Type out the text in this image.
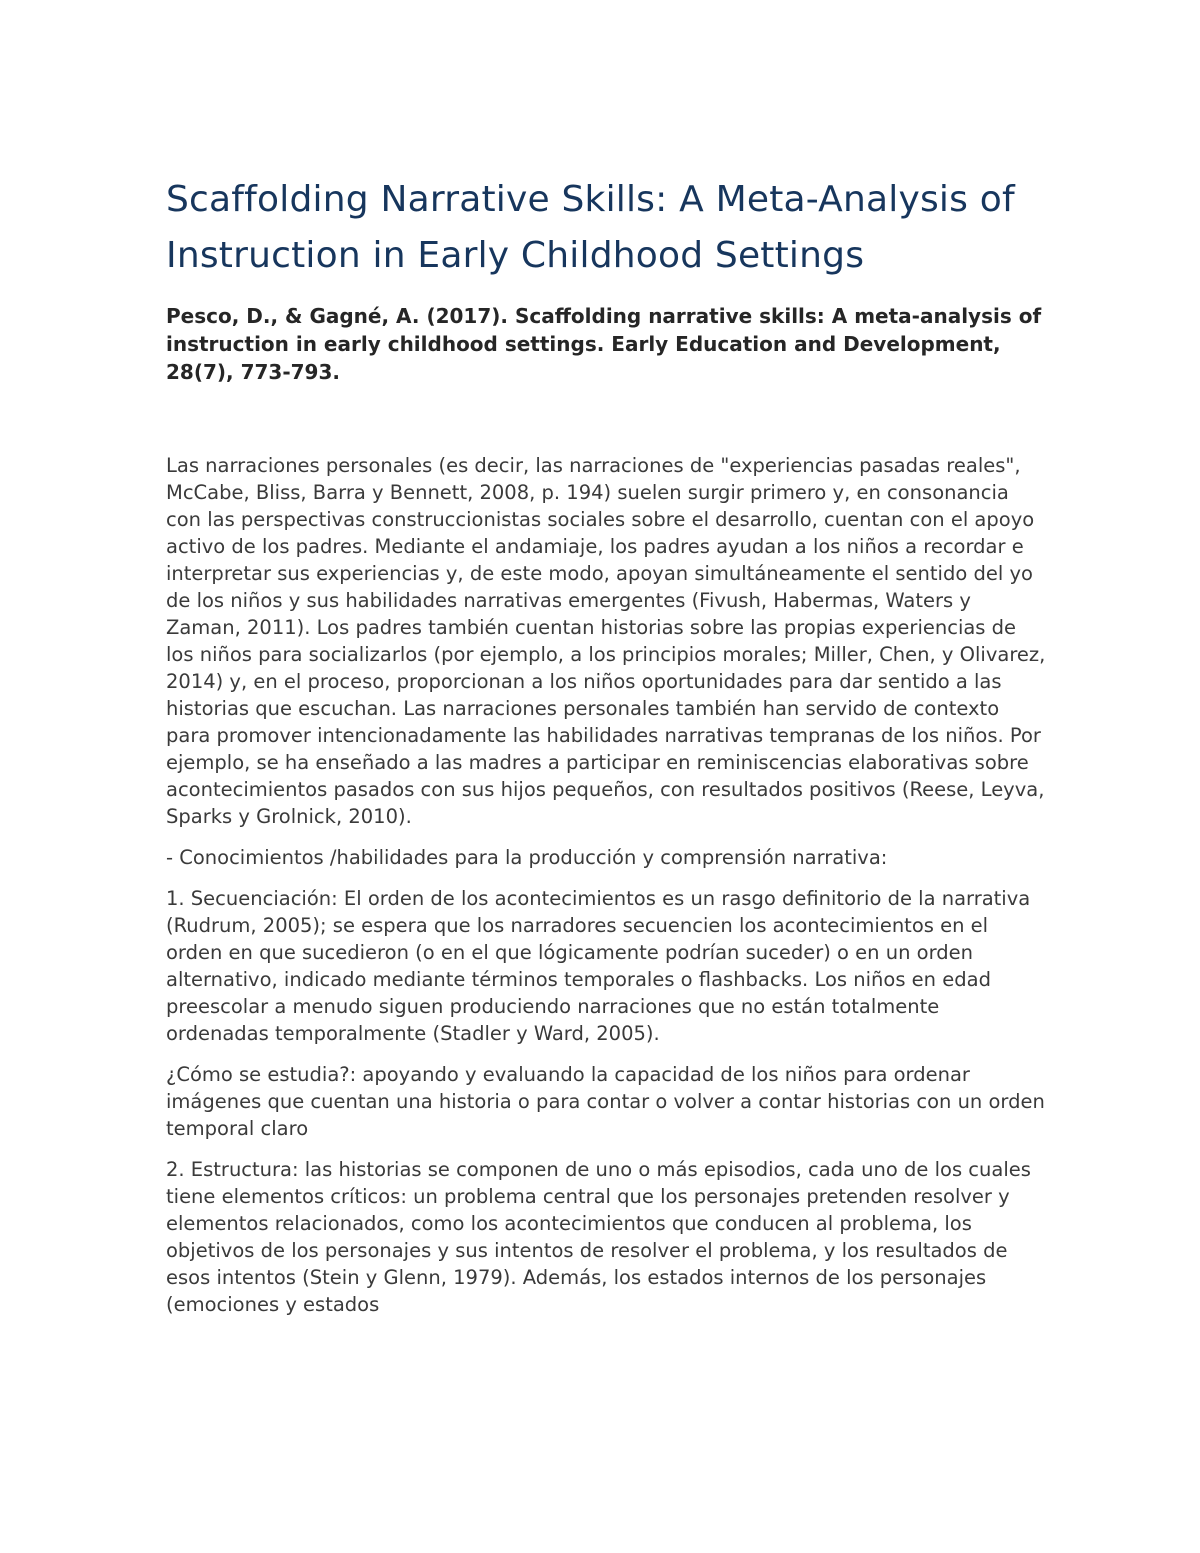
Scaffolding Narrative Skills: A Meta-Analysis of Instruction in Early Childhood Settings

Pesco, D., & Gagné, A. (2017). Scaffolding narrative skills: A meta-analysis of instruction in early childhood settings. Early Education and Development, 28(7), 773-793.

Las narraciones personales (es decir, las narraciones de "experiencias pasadas reales", McCabe, Bliss, Barra y Bennett, 2008, p. 194) suelen surgir primero y, en consonancia con las perspectivas construccionistas sociales sobre el desarrollo, cuentan con el apoyo activo de los padres. Mediante el andamiaje, los padres ayudan a los niños a recordar e interpretar sus experiencias y, de este modo, apoyan simultáneamente el sentido del yo de los niños y sus habilidades narrativas emergentes (Fivush, Habermas, Waters y Zaman, 2011). Los padres también cuentan historias sobre las propias experiencias de los niños para socializarlos (por ejemplo, a los principios morales; Miller, Chen, y Olivarez, 2014) y, en el proceso, proporcionan a los niños oportunidades para dar sentido a las historias que escuchan. Las narraciones personales también han servido de contexto para promover intencionadamente las habilidades narrativas tempranas de los niños. Por ejemplo, se ha enseñado a las madres a participar en reminiscencias elaborativas sobre acontecimientos pasados con sus hijos pequeños, con resultados positivos (Reese, Leyva, Sparks y Grolnick, 2010).

- Conocimientos /habilidades para la producción y comprensión narrativa:

1. Secuenciación: El orden de los acontecimientos es un rasgo definitorio de la narrativa (Rudrum, 2005); se espera que los narradores secuencien los acontecimientos en el orden en que sucedieron (o en el que lógicamente podrían suceder) o en un orden alternativo, indicado mediante términos temporales o flashbacks. Los niños en edad preescolar a menudo siguen produciendo narraciones que no están totalmente ordenadas temporalmente (Stadler y Ward, 2005).

¿Cómo se estudia?: apoyando y evaluando la capacidad de los niños para ordenar imágenes que cuentan una historia o para contar o volver a contar historias con un orden temporal claro

2. Estructura: las historias se componen de uno o más episodios, cada uno de los cuales tiene elementos críticos: un problema central que los personajes pretenden resolver y elementos relacionados, como los acontecimientos que conducen al problema, los objetivos de los personajes y sus intentos de resolver el problema, y los resultados de esos intentos (Stein y Glenn, 1979). Además, los estados internos de los personajes (emociones y estados
